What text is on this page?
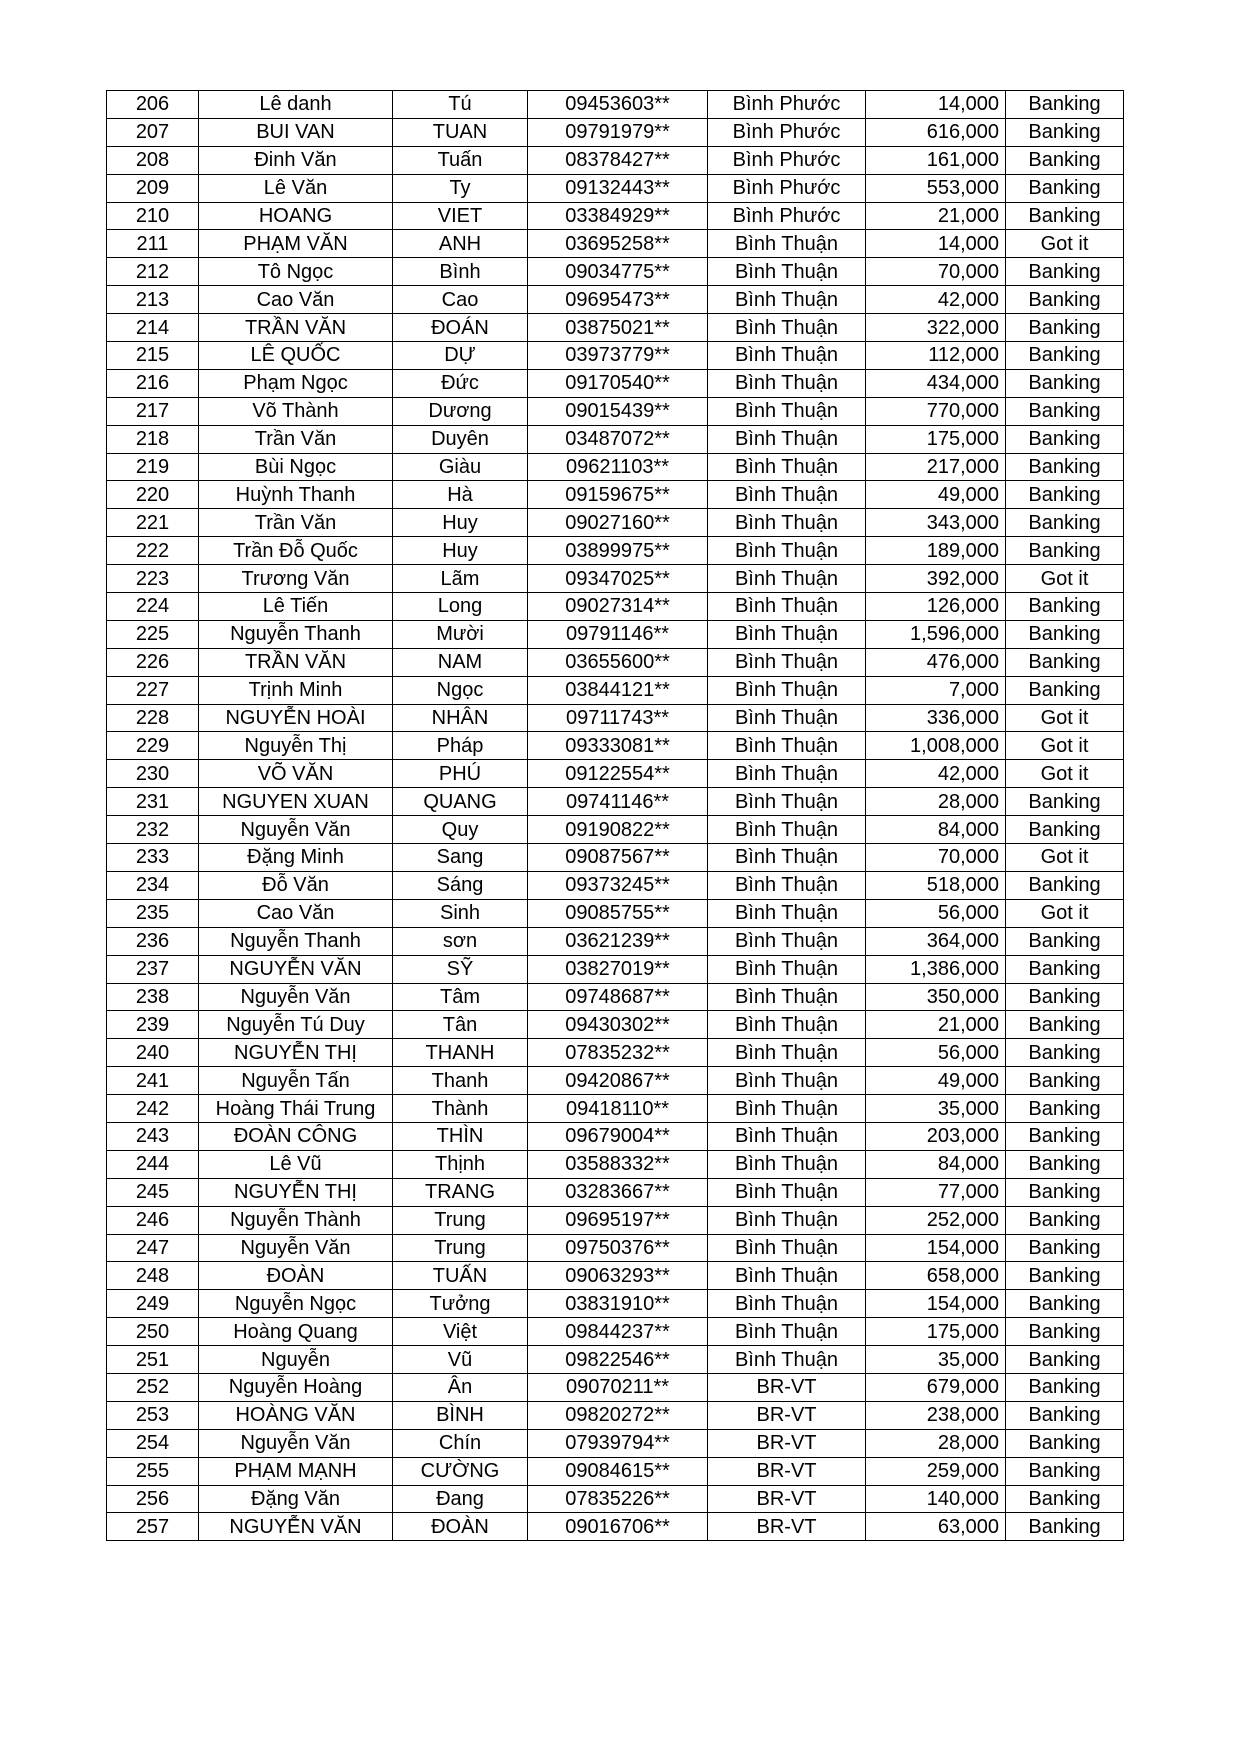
206	Lê danh	Tú	09453603**	Bình Phước	14,000	Banking
207	BUI VAN	TUAN	09791979**	Bình Phước	616,000	Banking
208	Đinh Văn	Tuấn	08378427**	Bình Phước	161,000	Banking
209	Lê Văn	Ty	09132443**	Bình Phước	553,000	Banking
210	HOANG	VIET	03384929**	Bình Phước	21,000	Banking
211	PHẠM VĂN	ANH	03695258**	Bình Thuận	14,000	Got it
212	Tô Ngọc	Bình	09034775**	Bình Thuận	70,000	Banking
213	Cao Văn	Cao	09695473**	Bình Thuận	42,000	Banking
214	TRẦN VĂN	ĐOÁN	03875021**	Bình Thuận	322,000	Banking
215	LÊ QUỐC	DỰ	03973779**	Bình Thuận	112,000	Banking
216	Phạm Ngọc	Đức	09170540**	Bình Thuận	434,000	Banking
217	Võ Thành	Dương	09015439**	Bình Thuận	770,000	Banking
218	Trần Văn	Duyên	03487072**	Bình Thuận	175,000	Banking
219	Bùi Ngọc	Giàu	09621103**	Bình Thuận	217,000	Banking
220	Huỳnh Thanh	Hà	09159675**	Bình Thuận	49,000	Banking
221	Trần Văn	Huy	09027160**	Bình Thuận	343,000	Banking
222	Trần Đỗ Quốc	Huy	03899975**	Bình Thuận	189,000	Banking
223	Trương Văn	Lãm	09347025**	Bình Thuận	392,000	Got it
224	Lê Tiến	Long	09027314**	Bình Thuận	126,000	Banking
225	Nguyễn Thanh	Mười	09791146**	Bình Thuận	1,596,000	Banking
226	TRẦN VĂN	NAM	03655600**	Bình Thuận	476,000	Banking
227	Trịnh Minh	Ngọc	03844121**	Bình Thuận	7,000	Banking
228	NGUYỄN HOÀI	NHÂN	09711743**	Bình Thuận	336,000	Got it
229	Nguyễn Thị	Pháp	09333081**	Bình Thuận	1,008,000	Got it
230	VÕ VĂN	PHÚ	09122554**	Bình Thuận	42,000	Got it
231	NGUYEN XUAN	QUANG	09741146**	Bình Thuận	28,000	Banking
232	Nguyễn Văn	Quy	09190822**	Bình Thuận	84,000	Banking
233	Đặng Minh	Sang	09087567**	Bình Thuận	70,000	Got it
234	Đỗ Văn	Sáng	09373245**	Bình Thuận	518,000	Banking
235	Cao Văn	Sinh	09085755**	Bình Thuận	56,000	Got it
236	Nguyễn Thanh	sơn	03621239**	Bình Thuận	364,000	Banking
237	NGUYỄN VĂN	SỸ	03827019**	Bình Thuận	1,386,000	Banking
238	Nguyễn Văn	Tâm	09748687**	Bình Thuận	350,000	Banking
239	Nguyễn Tú Duy	Tân	09430302**	Bình Thuận	21,000	Banking
240	NGUYỄN THỊ	THANH	07835232**	Bình Thuận	56,000	Banking
241	Nguyễn Tấn	Thanh	09420867**	Bình Thuận	49,000	Banking
242	Hoàng Thái Trung	Thành	09418110**	Bình Thuận	35,000	Banking
243	ĐOÀN CÔNG	THÌN	09679004**	Bình Thuận	203,000	Banking
244	Lê Vũ	Thịnh	03588332**	Bình Thuận	84,000	Banking
245	NGUYỄN THỊ	TRANG	03283667**	Bình Thuận	77,000	Banking
246	Nguyễn Thành	Trung	09695197**	Bình Thuận	252,000	Banking
247	Nguyễn Văn	Trung	09750376**	Bình Thuận	154,000	Banking
248	ĐOÀN	TUẤN	09063293**	Bình Thuận	658,000	Banking
249	Nguyễn Ngọc	Tưởng	03831910**	Bình Thuận	154,000	Banking
250	Hoàng Quang	Việt	09844237**	Bình Thuận	175,000	Banking
251	Nguyễn	Vũ	09822546**	Bình Thuận	35,000	Banking
252	Nguyễn Hoàng	Ân	09070211**	BR-VT	679,000	Banking
253	HOÀNG VĂN	BÌNH	09820272**	BR-VT	238,000	Banking
254	Nguyễn Văn	Chín	07939794**	BR-VT	28,000	Banking
255	PHẠM MẠNH	CƯỜNG	09084615**	BR-VT	259,000	Banking
256	Đặng Văn	Đang	07835226**	BR-VT	140,000	Banking
257	NGUYỄN VĂN	ĐOÀN	09016706**	BR-VT	63,000	Banking
